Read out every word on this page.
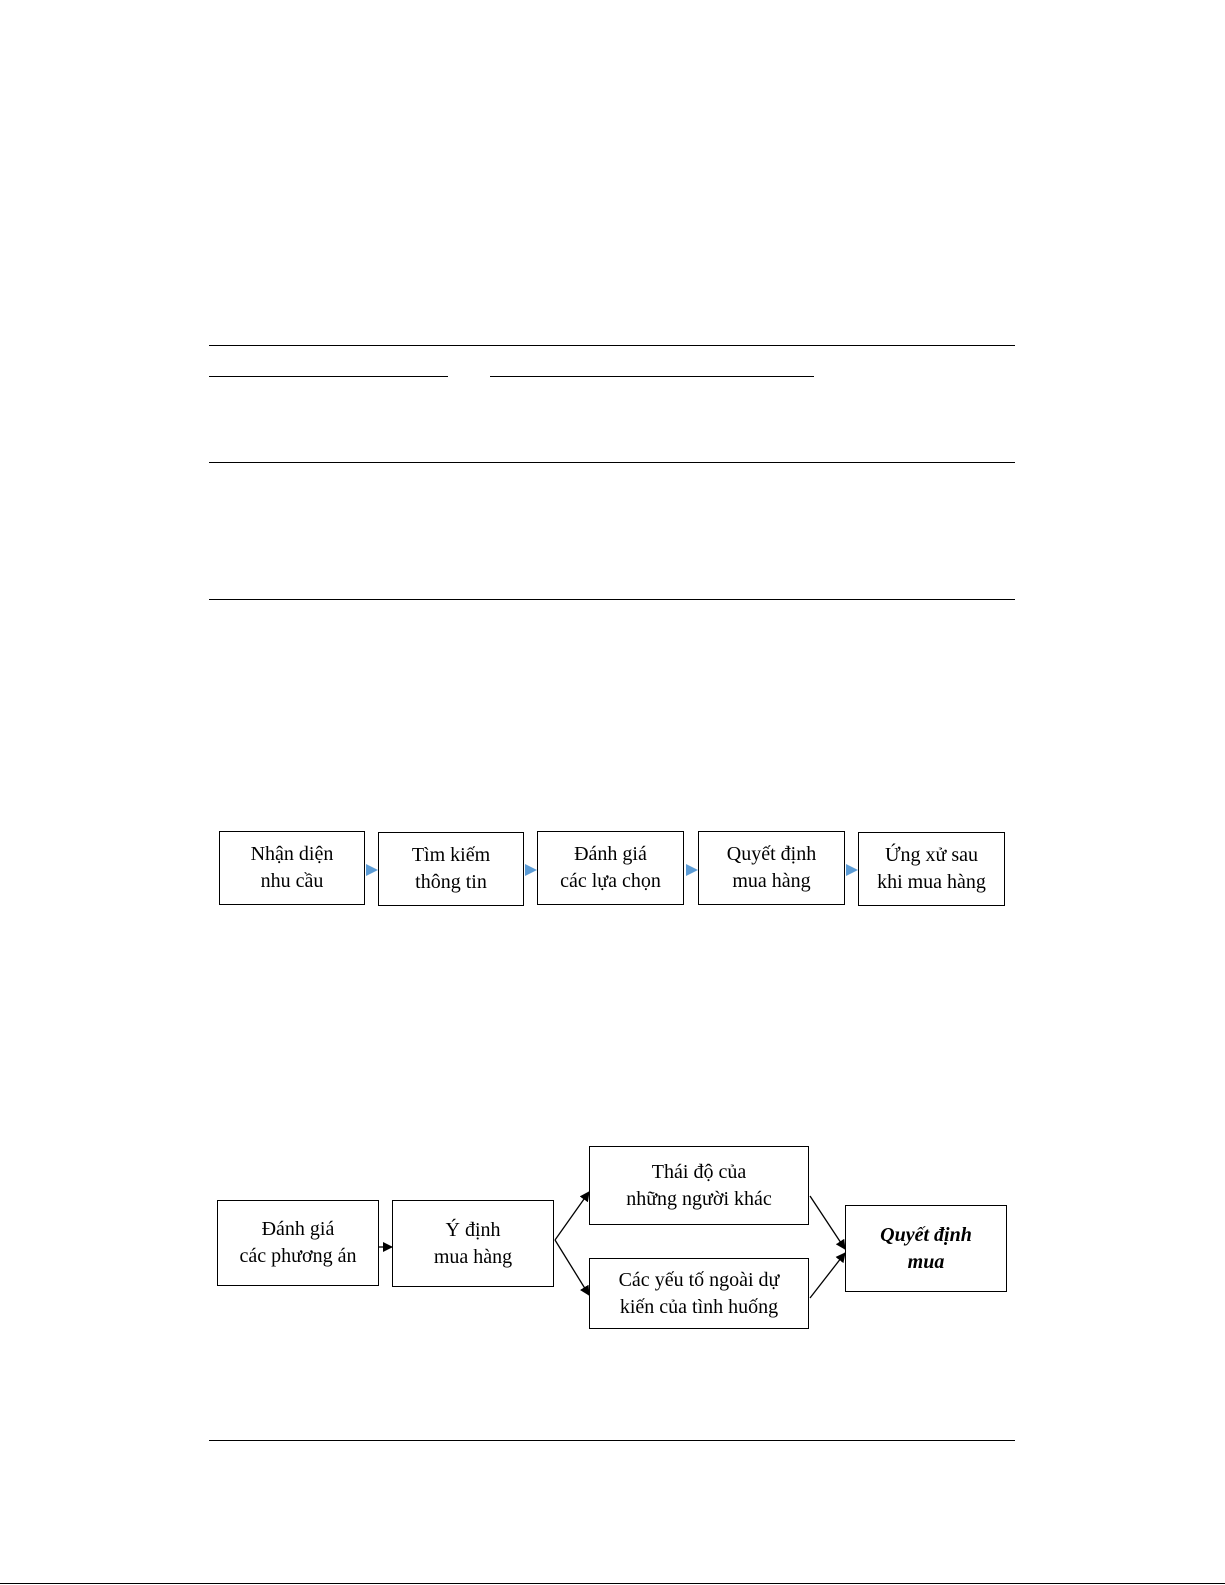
Nhận diện
nhu cầu
Tìm kiếm
thông tin
Đánh giá
các lựa chọn
Quyết định
mua hàng
Ứng xử sau
khi mua hàng
Đánh giá
các phương án
Ý định
mua hàng
Thái độ của
những người khác
Các yếu tố ngoài dự
kiến của tình huống
Quyết định
mua
